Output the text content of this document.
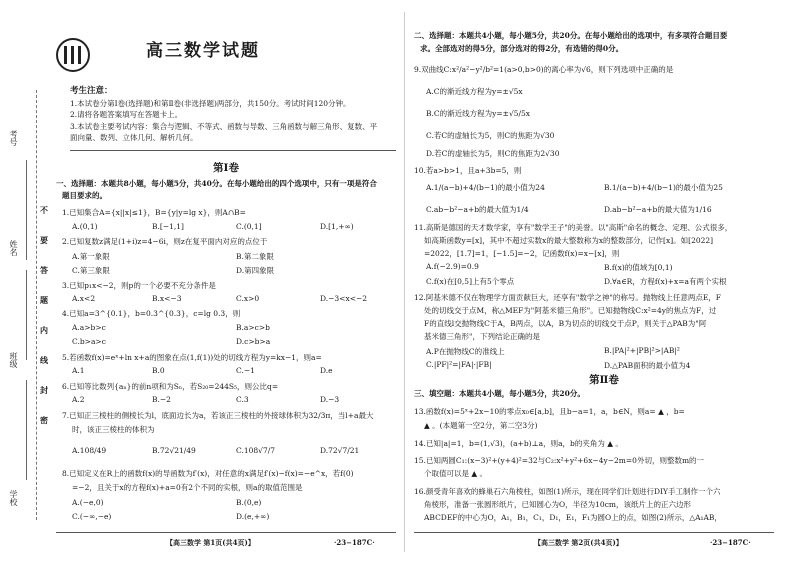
考号
姓名
班级
学校
不
要
答
题
内
线
封
密
高三数学试题
考生注意：
1.本试卷分第Ⅰ卷(选择题)和第Ⅱ卷(非选择题)两部分，共150分。考试时间120分钟。
2.请将各题答案填写在答题卡上。
3.本试卷主要考试内容：集合与逻辑、不等式、函数与导数、三角函数与解三角形、复数、平
面向量、数列、立体几何、解析几何。
第Ⅰ卷
一、选择题：本题共8小题，每小题5分，共40分。在每小题给出的四个选项中，只有一项是符合
题目要求的。
1.已知集合A={x||x|≤1}，B={y|y=lg x}，则A∩B=
A.(0,1)	B.[−1,1]	C.(0,1]	D.[1,+∞)
2.已知复数z满足(1+i)z=4−6i，则z在复平面内对应的点位于
A.第一象限	B.第二象限
C.第三象限	D.第四象限
3.已知p₁x<−2，则p的一个必要不充分条件是
A.x<2	B.x<−3	C.x>0	D.−3<x<−2
4.已知a=3^{0.1}，b=0.3^{0.3}，c=lg 0.3，则
A.a>b>c	B.a>c>b
C.b>a>c	D.c>b>a
5.若函数f(x)=eˣ+ln x+a的图象在点(1,f(1))处的切线方程为y=kx−1，则a=
A.1	B.0	C.−1	D.e
6.已知等比数列{aₙ}的前n项和为Sₙ，若S₂₀=244S₅，则公比q=
A.2	B.−2	C.3	D.−3
7.已知正三棱柱的侧棱长为l，底面边长为a，若该正三棱柱的外接球体积为32/3π，当l+a最大
时，该正三棱柱的体积为
A.108/49	B.72√21/49	C.108√7/7	D.72√7/21
8.已知定义在R上的函数f(x)的导函数为f′(x)，对任意的x满足f′(x)−f(x)=−e^x，若f(0)
=−2，且关于x的方程f(x)+a=0有2个不同的实根，则a的取值范围是
A.(−e,0)	B.(0,e)
C.(−∞,−e)	D.(e,+∞)
【高三数学 第1页(共4页)】	·23−187C·
二、选择题：本题共4小题，每小题5分，共20分。在每小题给出的选项中，有多项符合题目要
求。全部选对的得5分，部分选对的得2分，有选错的得0分。
9.双曲线C:x²/a²−y²/b²=1(a>0,b>0)的离心率为√6，则下列选项中正确的是
A.C的渐近线方程为y=±√5x
B.C的渐近线方程为y=±√5/5x
C.若C的虚轴长为5，则C的焦距为√30
D.若C的虚轴长为5，则C的焦距为2√30
10.若a>b>1，且a+3b=5，则
A.1/(a−b)+4/(b−1)的最小值为24	B.1/(a−b)+4/(b−1)的最小值为25
C.ab−b²−a+b的最大值为1/4	D.ab−b²−a+b的最大值为1/16
11.高斯是德国的天才数学家，享有"数学王子"的美誉。以"高斯"命名的概念、定理、公式很多，
如高斯函数y=[x]，其中不超过实数x的最大整数称为x的整数部分，记作[x]。如[2022]
=2022，[1.7]=1，[−1.5]=−2，记函数f(x)=x−[x]，则
A.f(−2.9)=0.9	B.f(x)的值域为[0,1)
C.f(x)在[0,5]上有5个零点	D.∀a∈R，方程f(x)+x=a有两个实根
12.阿基米德不仅在物理学方面贡献巨大，还享有"数学之神"的称号。抛物线上任意两点E，F
处的切线交于点M，称△MEF为"阿基米德三角形"。已知抛物线C:x²=4y的焦点为F，过
F的直线l交抛物线C于A，B两点，以A，B为切点的切线交于点P，则关于△PAB为"阿
基米德三角形"，下列结论正确的是
A.P在抛物线C的准线上	B.|PA|²+|PB|²>|AB|²
C.|PF|²=|FA|·|FB|	D.△PAB面积的最小值为4
第Ⅱ卷
三、填空题：本题共4小题，每小题5分，共20分。
13.函数f(x)=5ˣ+2x−10的零点x₀∈[a,b]，且b−a=1，a，b∈N，则a= ▲ ，b=
▲ 。(本题第一空2分，第二空3分)
14.已知|a|=1，b=(1,√3)，(a+b)⊥a，则a，b的夹角为 ▲ 。
15.已知两圆C₁:(x−3)²+(y+4)²=32与C₂:x²+y²+6x−4y−2m=0外切，则整数m的一
个取值可以是 ▲ 。
16.颜受青年喜欢的蜂巢石六角棱柱，如图(1)所示，现在同学们计划进行DIY手工制作一个六
角棱形，准备一张圆形纸片，已知圆心为O，半径为10cm，该纸片上的正六边形
ABCDEF的中心为O，A₁，B₁，C₁，D₁，E₁，F₁为圆O上的点，如图(2)所示，△A₁AB，
【高三数学 第2页(共4页)】	·23−187C·
